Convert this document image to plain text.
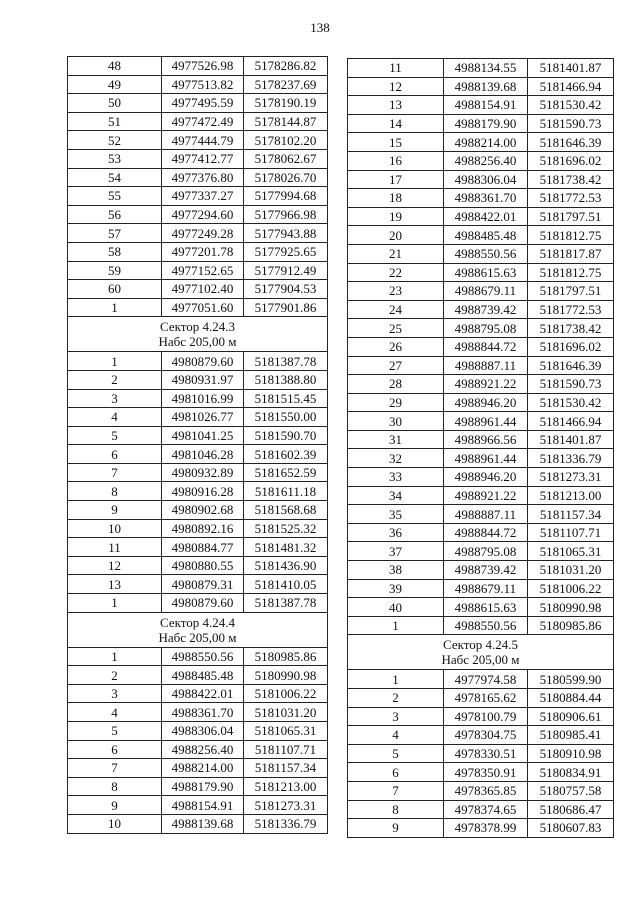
138
48	4977526.98	5178286.82
49	4977513.82	5178237.69
50	4977495.59	5178190.19
51	4977472.49	5178144.87
52	4977444.79	5178102.20
53	4977412.77	5178062.67
54	4977376.80	5178026.70
55	4977337.27	5177994.68
56	4977294.60	5177966.98
57	4977249.28	5177943.88
58	4977201.78	5177925.65
59	4977152.65	5177912.49
60	4977102.40	5177904.53
1	4977051.60	5177901.86

Сектор 4.24.3
Набс 205,00 м		

1	4980879.60	5181387.78
2	4980931.97	5181388.80
3	4981016.99	5181515.45
4	4981026.77	5181550.00
5	4981041.25	5181590.70
6	4981046.28	5181602.39
7	4980932.89	5181652.59
8	4980916.28	5181611.18
9	4980902.68	5181568.68
10	4980892.16	5181525.32
11	4980884.77	5181481.32
12	4980880.55	5181436.90
13	4980879.31	5181410.05
1	4980879.60	5181387.78

Сектор 4.24.4
Набс 205,00 м		

1	4988550.56	5180985.86
2	4988485.48	5180990.98
3	4988422.01	5181006.22
4	4988361.70	5181031.20
5	4988306.04	5181065.31
6	4988256.40	5181107.71
7	4988214.00	5181157.34
8	4988179.90	5181213.00
9	4988154.91	5181273.31
10	4988139.68	5181336.79
11	4988134.55	5181401.87
12	4988139.68	5181466.94
13	4988154.91	5181530.42
14	4988179.90	5181590.73
15	4988214.00	5181646.39
16	4988256.40	5181696.02
17	4988306.04	5181738.42
18	4988361.70	5181772.53
19	4988422.01	5181797.51
20	4988485.48	5181812.75
21	4988550.56	5181817.87
22	4988615.63	5181812.75
23	4988679.11	5181797.51
24	4988739.42	5181772.53
25	4988795.08	5181738.42
26	4988844.72	5181696.02
27	4988887.11	5181646.39
28	4988921.22	5181590.73
29	4988946.20	5181530.42
30	4988961.44	5181466.94
31	4988966.56	5181401.87
32	4988961.44	5181336.79
33	4988946.20	5181273.31
34	4988921.22	5181213.00
35	4988887.11	5181157.34
36	4988844.72	5181107.71
37	4988795.08	5181065.31
38	4988739.42	5181031.20
39	4988679.11	5181006.22
40	4988615.63	5180990.98
1	4988550.56	5180985.86

Сектор 4.24.5
Набс 205,00 м		

1	4977974.58	5180599.90
2	4978165.62	5180884.44
3	4978100.79	5180906.61
4	4978304.75	5180985.41
5	4978330.51	5180910.98
6	4978350.91	5180834.91
7	4978365.85	5180757.58
8	4978374.65	5180686.47
9	4978378.99	5180607.83
